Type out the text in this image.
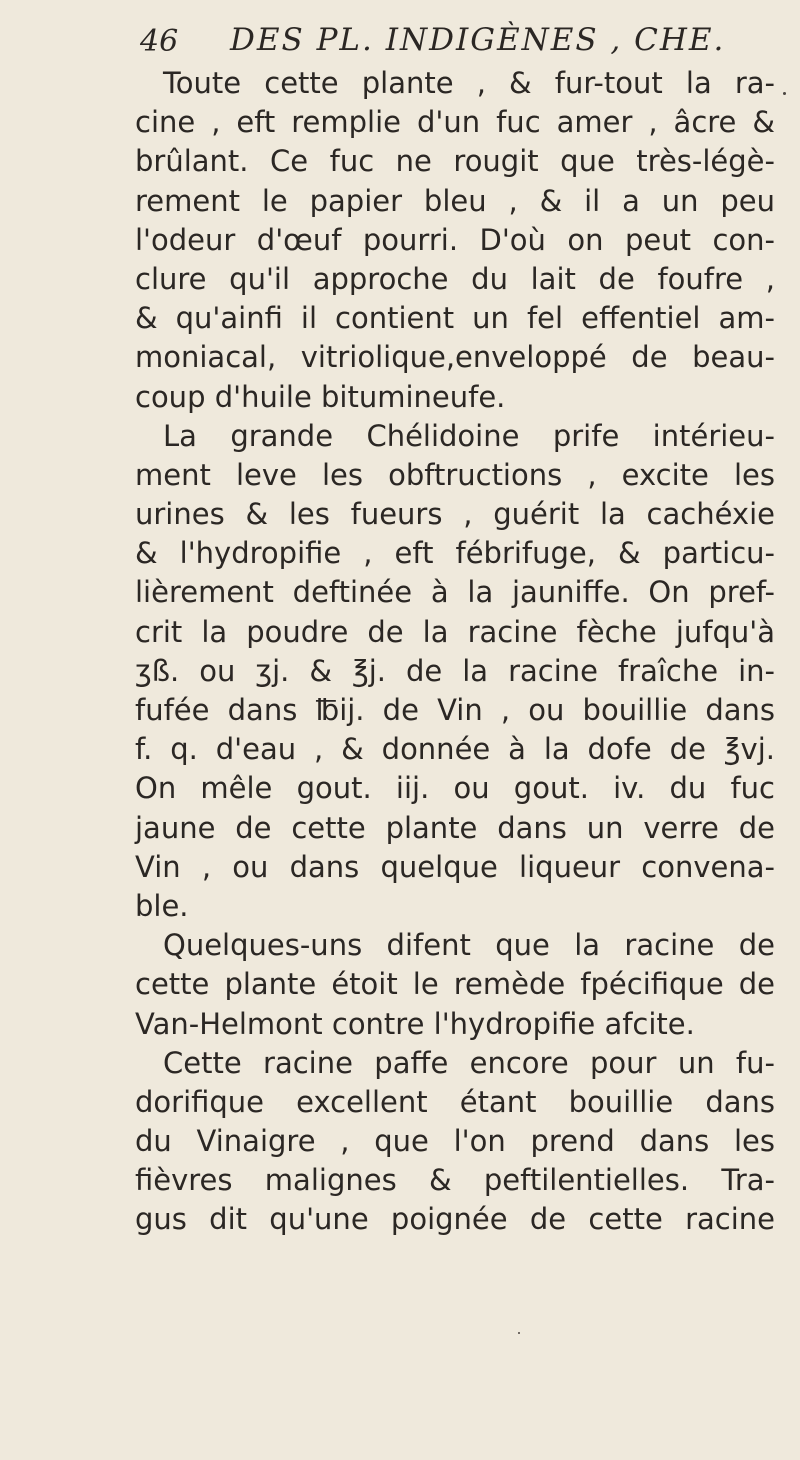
46 DES PL. INDIGÈNES , CHE.
Toute cette plante , & fur-tout la ra-
cine , eft remplie d'un fuc amer , âcre &
brûlant. Ce fuc ne rougit que très-légè-
rement le papier bleu , & il a un peu
l'odeur d'œuf pourri. D'où on peut con-
clure qu'il approche du lait de foufre ,
& qu'ainfi il contient un fel effentiel am-
moniacal, vitriolique,enveloppé de beau-
coup d'huile bitumineufe.
La grande Chélidoine prife intérieu-
ment leve les obftructions , excite les
urines & les fueurs , guérit la cachéxie
& l'hydropifie , eft fébrifuge, & particu-
lièrement deftinée à la jauniffe. On pref-
crit la poudre de la racine fèche jufqu'à
ʒß. ou ʒj. & ℥j. de la racine fraîche in-
fufée dans ℔ij. de Vin , ou bouillie dans
f. q. d'eau , & donnée à la dofe de ℥vj.
On mêle gout. iij. ou gout. iv. du fuc
jaune de cette plante dans un verre de
Vin , ou dans quelque liqueur convena-
ble.
Quelques-uns difent que la racine de
cette plante étoit le remède fpécifique de
Van-Helmont contre l'hydropifie afcite.
Cette racine paffe encore pour un fu-
dorifique excellent étant bouillie dans
du Vinaigre , que l'on prend dans les
fièvres malignes & peftilentielles. Tra-
gus dit qu'une poignée de cette racine
